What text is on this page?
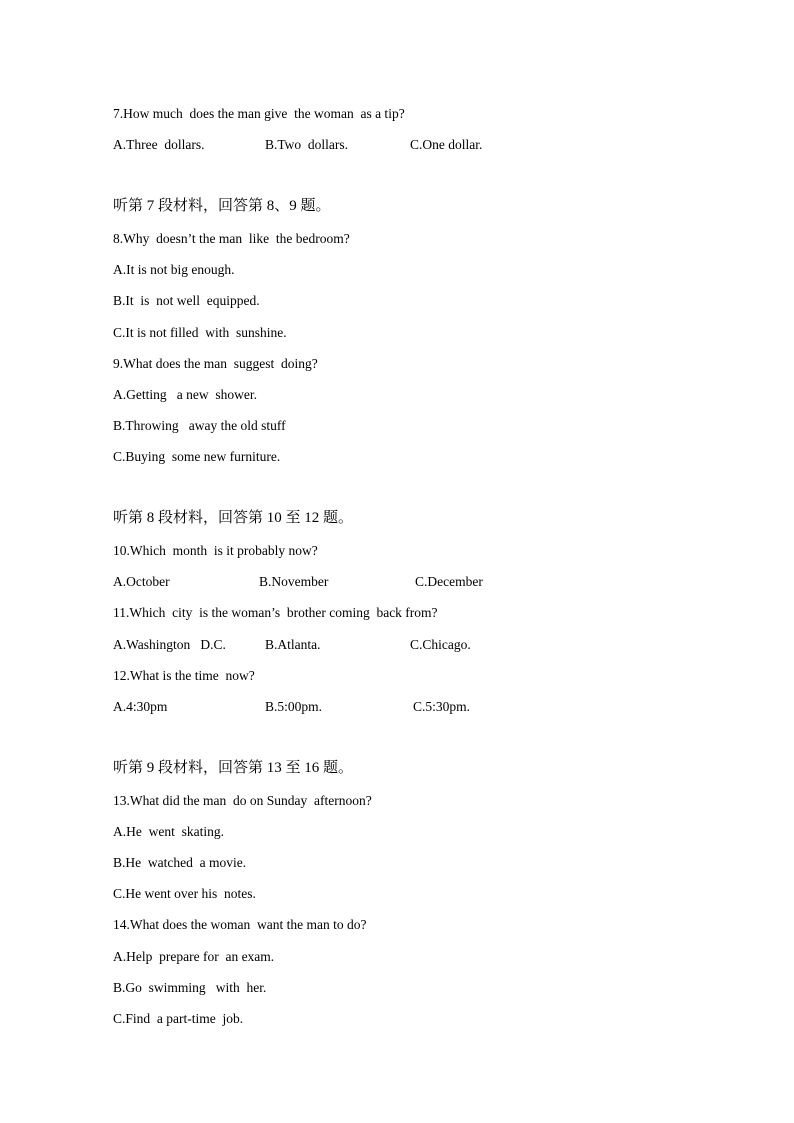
7.How much  does the man give  the woman  as a tip?
A.Three  dollars.	B.Two  dollars.	C.One dollar.
听第 7 段材料，回答第 8、9 题。
8.Why  doesn’t the man  like  the bedroom?
A.It is not big enough.
B.It  is  not well  equipped.
C.It is not filled  with  sunshine.
9.What does the man  suggest  doing?
A.Getting   a new  shower.
B.Throwing   away the old stuff
C.Buying  some new furniture.
听第 8 段材料，回答第 10 至 12 题。
10.Which  month  is it probably now?
A.October	B.November	C.December
11.Which  city  is the woman’s  brother coming  back from?
A.Washington   D.C.	B.Atlanta.	C.Chicago.
12.What is the time  now?
A.4:30pm	B.5:00pm.	C.5:30pm.
听第 9 段材料，回答第 13 至 16 题。
13.What did the man  do on Sunday  afternoon?
A.He  went  skating.
B.He  watched  a movie.
C.He went over his  notes.
14.What does the woman  want the man to do?
A.Help  prepare for  an exam.
B.Go  swimming   with  her.
C.Find  a part-time  job.
